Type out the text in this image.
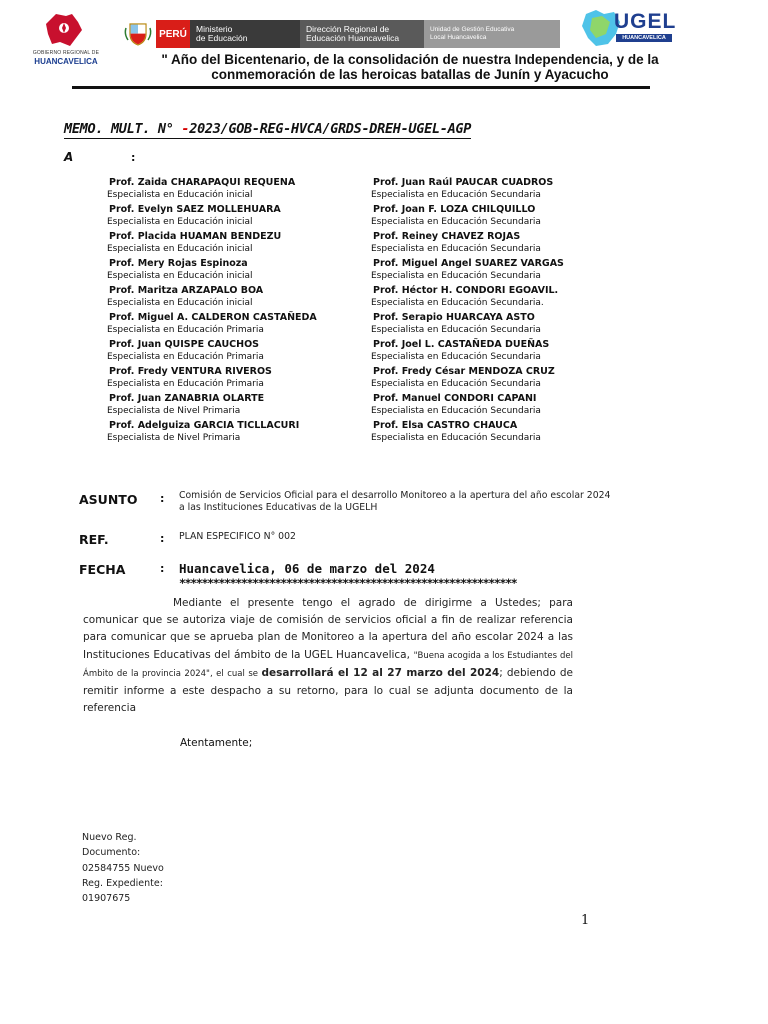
GOBIERNO REGIONAL DE
HUANCAVELICA
PERÚ	Ministerio
de Educación
Dirección Regional de
Educación Huancavelica
Unidad de Gestión Educativa
Local Huancavelica
UGEL
HUANCAVELICA
" Año del Bicentenario, de la consolidación de nuestra Independencia, y de la
conmemoración de las heroicas batallas de Junín y Ayacucho
MEMO. MULT. N° -2023/GOB-REG-HVCA/GRDS-DREH-UGEL-AGP
A	:
Prof. Zaida CHARAPAQUI REQUENA
Especialista en Educación inicial
Prof. Evelyn SAEZ MOLLEHUARA
Especialista en Educación inicial
Prof. Placida HUAMAN BENDEZU
Especialista en Educación inicial
Prof. Mery Rojas Espinoza
Especialista en Educación inicial
Prof. Maritza ARZAPALO BOA
Especialista en Educación inicial
Prof. Miguel A. CALDERON CASTAÑEDA
Especialista en Educación Primaria
Prof. Juan QUISPE CAUCHOS
Especialista en Educación Primaria
Prof. Fredy VENTURA RIVEROS
Especialista en Educación Primaria
Prof. Juan ZANABRIA OLARTE
Especialista de Nivel Primaria
Prof. Adelguiza GARCIA TICLLACURI
Especialista de Nivel Primaria
Prof. Juan Raúl PAUCAR CUADROS
Especialista en Educación Secundaria
Prof. Joan F. LOZA CHILQUILLO
Especialista en Educación Secundaria
Prof. Reiney CHAVEZ ROJAS
Especialista en Educación Secundaria
Prof. Miguel Angel SUAREZ VARGAS
Especialista en Educación Secundaria
Prof. Héctor H. CONDORI EGOAVIL.
Especialista en Educación Secundaria.
Prof. Serapio HUARCAYA ASTO
Especialista en Educación Secundaria
Prof. Joel L. CASTAÑEDA DUEÑAS
Especialista en Educación Secundaria
Prof. Fredy César MENDOZA CRUZ
Especialista en Educación Secundaria
Prof. Manuel CONDORI CAPANI
Especialista en Educación Secundaria
Prof. Elsa CASTRO CHAUCA
Especialista en Educación Secundaria
ASUNTO : Comisión de Servicios Oficial para el desarrollo Monitoreo a la apertura del año escolar 2024
a las Instituciones Educativas de la UGELH
REF.	: PLAN ESPECIFICO N° 002
FECHA	: Huancavelica, 06 de marzo del 2024
************************************************************
Mediante el presente tengo el agrado de dirigirme a Ustedes; para comunicar que se autoriza viaje de comisión de servicios oficial a fin de realizar referencia para comunicar que se aprueba plan de Monitoreo a la apertura del año escolar 2024 a las Instituciones Educativas del ámbito de la UGEL Huancavelica, "Buena acogida a los Estudiantes del Ámbito de la provincia 2024", el cual se desarrollará el 12 al 27 marzo del 2024; debiendo de remitir informe a este despacho a su retorno, para lo cual se adjunta documento de la referencia
Atentamente;
Nuevo Reg.
Documento:
02584755 Nuevo
Reg. Expediente:
01907675
1
